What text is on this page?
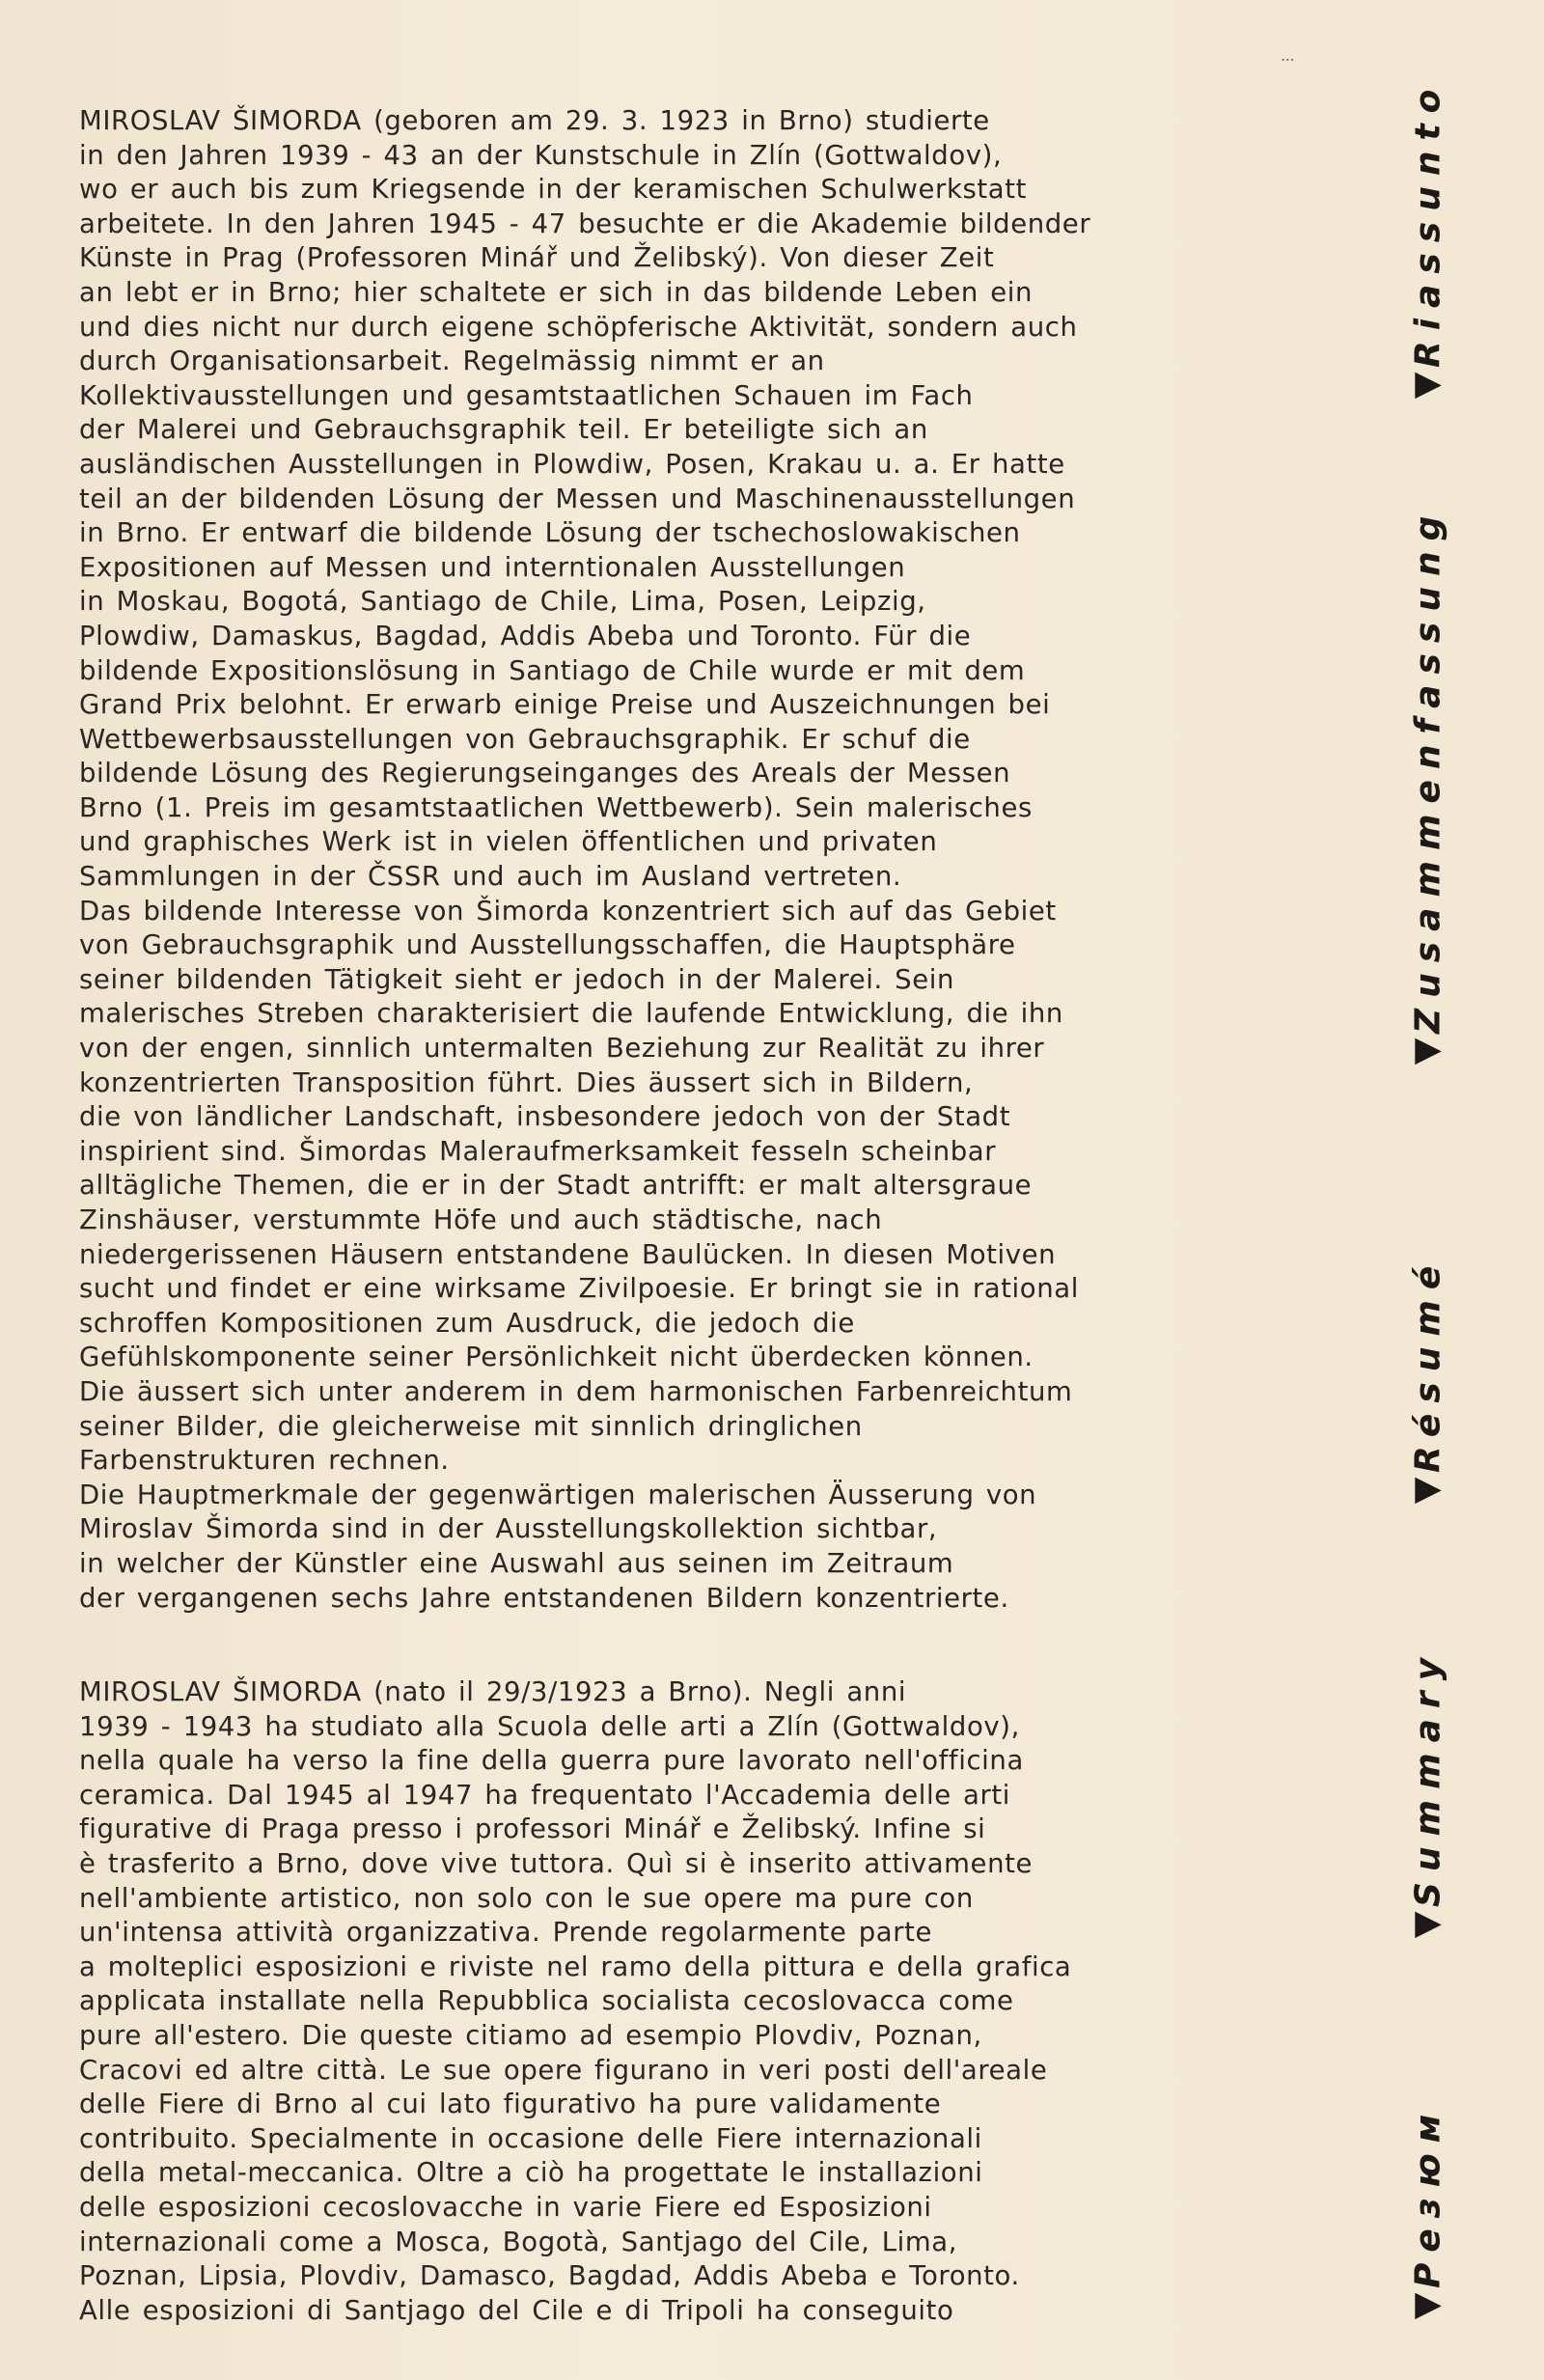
⋮
MIROSLAV ŠIMORDA (geboren am 29. 3. 1923 in Brno) studierte
in den Jahren 1939 - 43 an der Kunstschule in Zlín (Gottwaldov),
wo er auch bis zum Kriegsende in der keramischen Schulwerkstatt
arbeitete. In den Jahren 1945 - 47 besuchte er die Akademie bildender
Künste in Prag (Professoren Minář und Želibský). Von dieser Zeit
an lebt er in Brno; hier schaltete er sich in das bildende Leben ein
und dies nicht nur durch eigene schöpferische Aktivität, sondern auch
durch Organisationsarbeit. Regelmässig nimmt er an
Kollektivausstellungen und gesamtstaatlichen Schauen im Fach
der Malerei und Gebrauchsgraphik teil. Er beteiligte sich an
ausländischen Ausstellungen in Plowdiw, Posen, Krakau u. a. Er hatte
teil an der bildenden Lösung der Messen und Maschinenausstellungen
in Brno. Er entwarf die bildende Lösung der tschechoslowakischen
Expositionen auf Messen und interntionalen Ausstellungen
in Moskau, Bogotá, Santiago de Chile, Lima, Posen, Leipzig,
Plowdiw, Damaskus, Bagdad, Addis Abeba und Toronto. Für die
bildende Expositionslösung in Santiago de Chile wurde er mit dem
Grand Prix belohnt. Er erwarb einige Preise und Auszeichnungen bei
Wettbewerbsausstellungen von Gebrauchsgraphik. Er schuf die
bildende Lösung des Regierungseinganges des Areals der Messen
Brno (1. Preis im gesamtstaatlichen Wettbewerb). Sein malerisches
und graphisches Werk ist in vielen öffentlichen und privaten
Sammlungen in der ČSSR und auch im Ausland vertreten.
Das bildende Interesse von Šimorda konzentriert sich auf das Gebiet
von Gebrauchsgraphik und Ausstellungsschaffen, die Hauptsphäre
seiner bildenden Tätigkeit sieht er jedoch in der Malerei. Sein
malerisches Streben charakterisiert die laufende Entwicklung, die ihn
von der engen, sinnlich untermalten Beziehung zur Realität zu ihrer
konzentrierten Transposition führt. Dies äussert sich in Bildern,
die von ländlicher Landschaft, insbesondere jedoch von der Stadt
inspirient sind. Šimordas Maleraufmerksamkeit fesseln scheinbar
alltägliche Themen, die er in der Stadt antrifft: er malt altersgraue
Zinshäuser, verstummte Höfe und auch städtische, nach
niedergerissenen Häusern entstandene Baulücken. In diesen Motiven
sucht und findet er eine wirksame Zivilpoesie. Er bringt sie in rational
schroffen Kompositionen zum Ausdruck, die jedoch die
Gefühlskomponente seiner Persönlichkeit nicht überdecken können.
Die äussert sich unter anderem in dem harmonischen Farbenreichtum
seiner Bilder, die gleicherweise mit sinnlich dringlichen
Farbenstrukturen rechnen.
Die Hauptmerkmale der gegenwärtigen malerischen Äusserung von
Miroslav Šimorda sind in der Ausstellungskollektion sichtbar,
in welcher der Künstler eine Auswahl aus seinen im Zeitraum
der vergangenen sechs Jahre entstandenen Bildern konzentrierte.
MIROSLAV ŠIMORDA (nato il 29/3/1923 a Brno). Negli anni
1939 - 1943 ha studiato alla Scuola delle arti a Zlín (Gottwaldov),
nella quale ha verso la fine della guerra pure lavorato nell'officina
ceramica. Dal 1945 al 1947 ha frequentato l'Accademia delle arti
figurative di Praga presso i professori Minář e Želibský. Infine si
è trasferito a Brno, dove vive tuttora. Quì si è inserito attivamente
nell'ambiente artistico, non solo con le sue opere ma pure con
un'intensa attività organizzativa. Prende regolarmente parte
a molteplici esposizioni e riviste nel ramo della pittura e della grafica
applicata installate nella Repubblica socialista cecoslovacca come
pure all'estero. Die queste citiamo ad esempio Plovdiv, Poznan,
Cracovi ed altre città. Le sue opere figurano in veri posti dell'areale
delle Fiere di Brno al cui lato figurativo ha pure validamente
contribuito. Specialmente in occasione delle Fiere internazionali
della metal-meccanica. Oltre a ciò ha progettate le installazioni
delle esposizioni cecoslovacche in varie Fiere ed Esposizioni
internazionali come a Mosca, Bogotà, Santjago del Cile, Lima,
Poznan, Lipsia, Plovdiv, Damasco, Bagdad, Addis Abeba e Toronto.
Alle esposizioni di Santjago del Cile e di Tripoli ha conseguito
◀
Riassunto
◀
Zusammenfassung
◀
Résumé
◀
Summary
◀
Резюм
